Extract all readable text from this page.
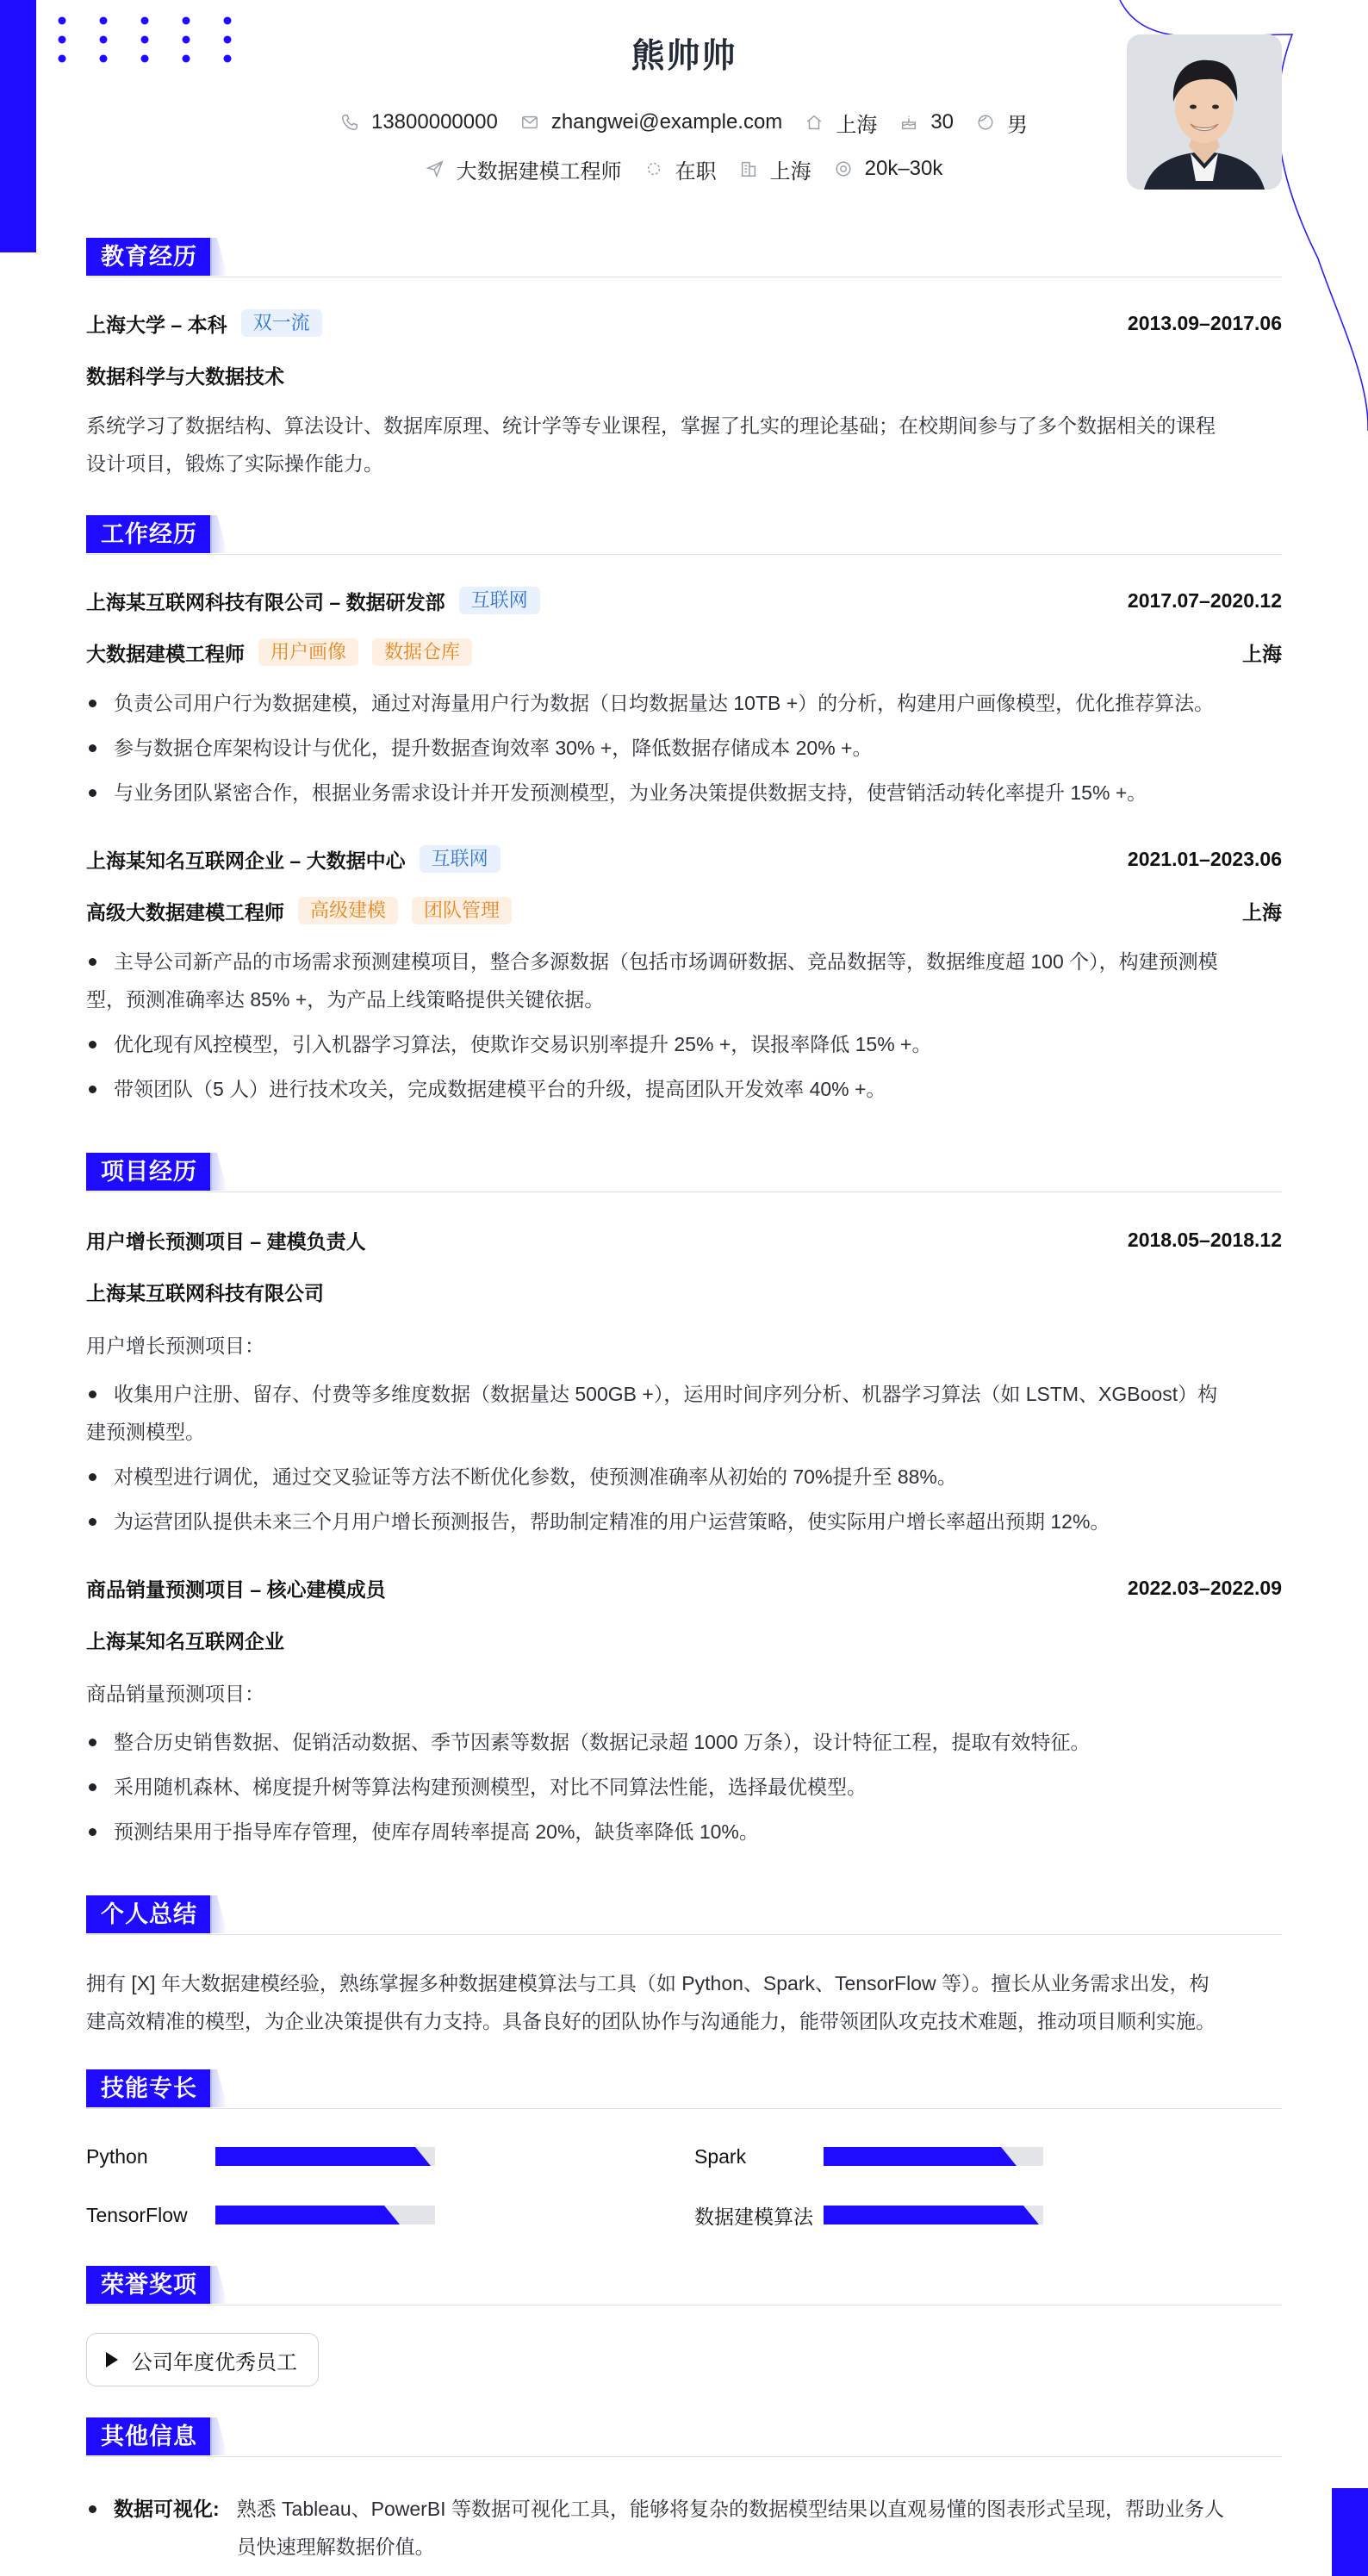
熊帅帅
13800000000	zhangwei@example.com	上海	30	男
大数据建模工程师	在职	上海	20k–30k
教育经历
上海大学 – 本科	双一流	2013.09–2017.06
数据科学与大数据技术
系统学习了数据结构、算法设计、数据库原理、统计学等专业课程，掌握了扎实的理论基础；在校期间参与了多个数据相关的课程
设计项目，锻炼了实际操作能力。
工作经历
上海某互联网科技有限公司 – 数据研发部	互联网	2017.07–2020.12
大数据建模工程师	用户画像	数据仓库	上海
负责公司用户行为数据建模，通过对海量用户行为数据（日均数据量达 10TB +）的分析，构建用户画像模型，优化推荐算法。
参与数据仓库架构设计与优化，提升数据查询效率 30% +，降低数据存储成本 20% +。
与业务团队紧密合作，根据业务需求设计并开发预测模型，为业务决策提供数据支持，使营销活动转化率提升 15% +。
上海某知名互联网企业 – 大数据中心	互联网	2021.01–2023.06
高级大数据建模工程师	高级建模	团队管理	上海
主导公司新产品的市场需求预测建模项目，整合多源数据（包括市场调研数据、竞品数据等，数据维度超 100 个），构建预测模
型，预测准确率达 85% +，为产品上线策略提供关键依据。
优化现有风控模型，引入机器学习算法，使欺诈交易识别率提升 25% +，误报率降低 15% +。
带领团队（5 人）进行技术攻关，完成数据建模平台的升级，提高团队开发效率 40% +。
项目经历
用户增长预测项目 – 建模负责人	2018.05–2018.12
上海某互联网科技有限公司
用户增长预测项目：
收集用户注册、留存、付费等多维度数据（数据量达 500GB +），运用时间序列分析、机器学习算法（如 LSTM、XGBoost）构
建预测模型。
对模型进行调优，通过交叉验证等方法不断优化参数，使预测准确率从初始的 70%提升至 88%。
为运营团队提供未来三个月用户增长预测报告，帮助制定精准的用户运营策略，使实际用户增长率超出预期 12%。
商品销量预测项目 – 核心建模成员	2022.03–2022.09
上海某知名互联网企业
商品销量预测项目：
整合历史销售数据、促销活动数据、季节因素等数据（数据记录超 1000 万条），设计特征工程，提取有效特征。
采用随机森林、梯度提升树等算法构建预测模型，对比不同算法性能，选择最优模型。
预测结果用于指导库存管理，使库存周转率提高 20%，缺货率降低 10%。
个人总结
拥有 [X] 年大数据建模经验，熟练掌握多种数据建模算法与工具（如 Python、Spark、TensorFlow 等）。擅长从业务需求出发，构
建高效精准的模型，为企业决策提供有力支持。具备良好的团队协作与沟通能力，能带领团队攻克技术难题，推动项目顺利实施。
技能专长
Python	Spark
TensorFlow	数据建模算法
荣誉奖项
公司年度优秀员工
其他信息
数据可视化: 熟悉 Tableau、PowerBI 等数据可视化工具，能够将复杂的数据模型结果以直观易懂的图表形式呈现，帮助业务人
员快速理解数据价值。
